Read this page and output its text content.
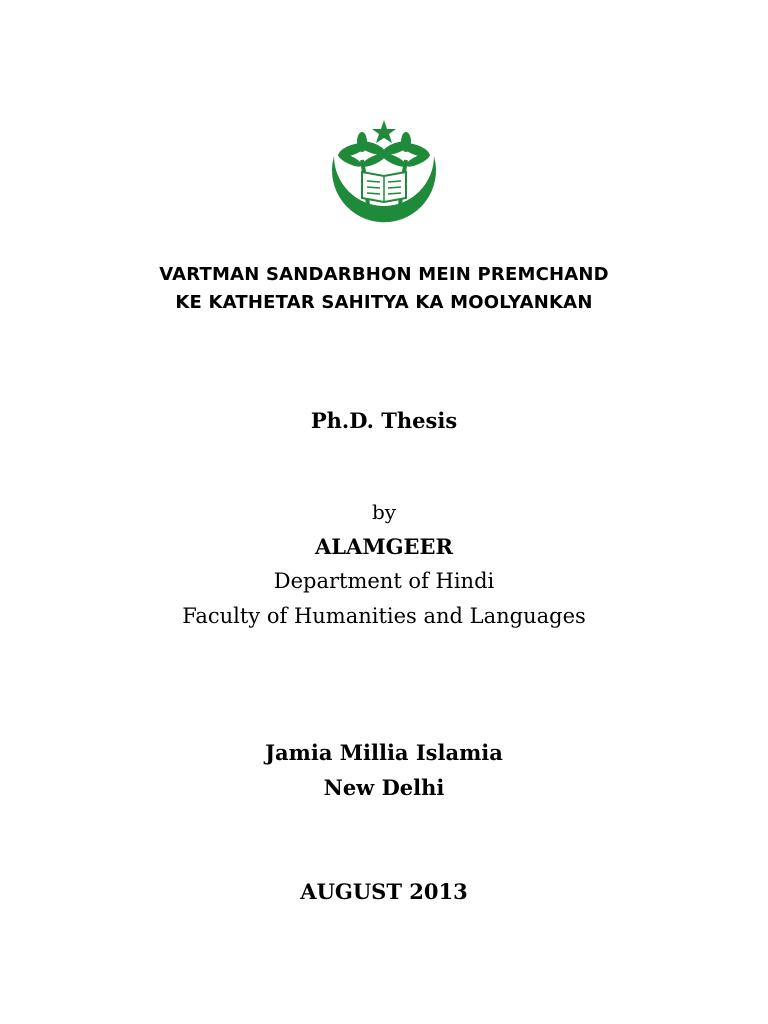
VARTMAN SANDARBHON MEIN PREMCHAND
KE KATHETAR SAHITYA KA MOOLYANKAN
Ph.D. Thesis
by
ALAMGEER
Department of Hindi
Faculty of Humanities and Languages
Jamia Millia Islamia
New Delhi
AUGUST 2013
